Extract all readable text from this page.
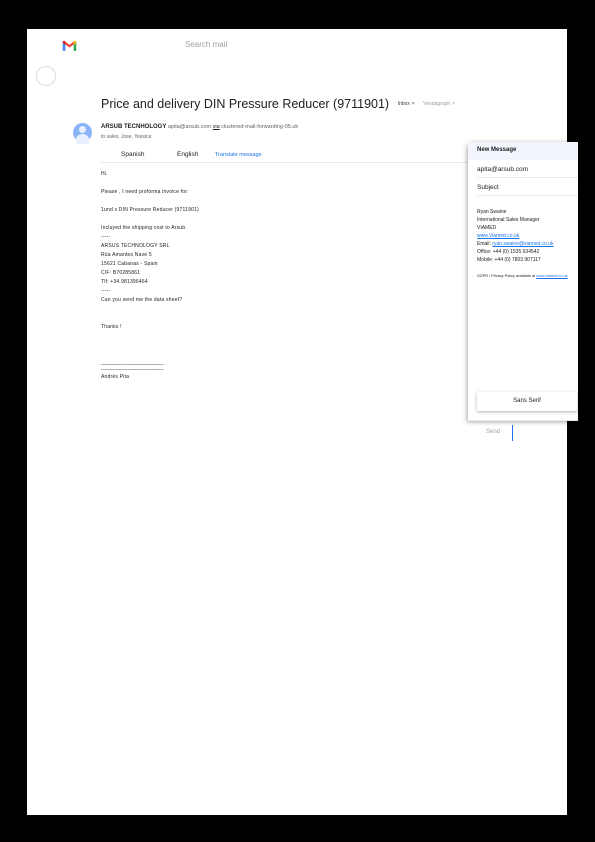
Search mail
Price and delivery DIN Pressure Reducer (9711901) Inbox × Vendagraph ×
ARSUB TECNHOLOGY apita@arsub.com via clustered-mail-forwarding-05.uk
to sales, Jose, Yessica
Spanish	English	Translate message
Hi.
Please , I need proforma invoice for:
1und x DIN Pressure Reducer (9711901)
Incluyed the shipping cost to Arsub.
-----
ARSUS TECHNOLOGY SRL
Rúa Amantes Nave 5
15621 Cabanas - Spain
CIF: B70285861
Tlf: +34 981396464
-----
Can you send me the data sheet?
Thanks !
_____________________
_____________________
Andrés Pita
New Message
apita@arsub.com
Subject
Ryan Swaine
International Sales Manager
VIAMED
www.Viamed.co.uk
Email: ryan.swaine@viamed.co.uk
Office: +44 (0) 1535 634542
Mobile: +44 (0) 7803 907117
GDPR / Privacy Policy available at www.viamed.co.uk
Sans Serif
Send
